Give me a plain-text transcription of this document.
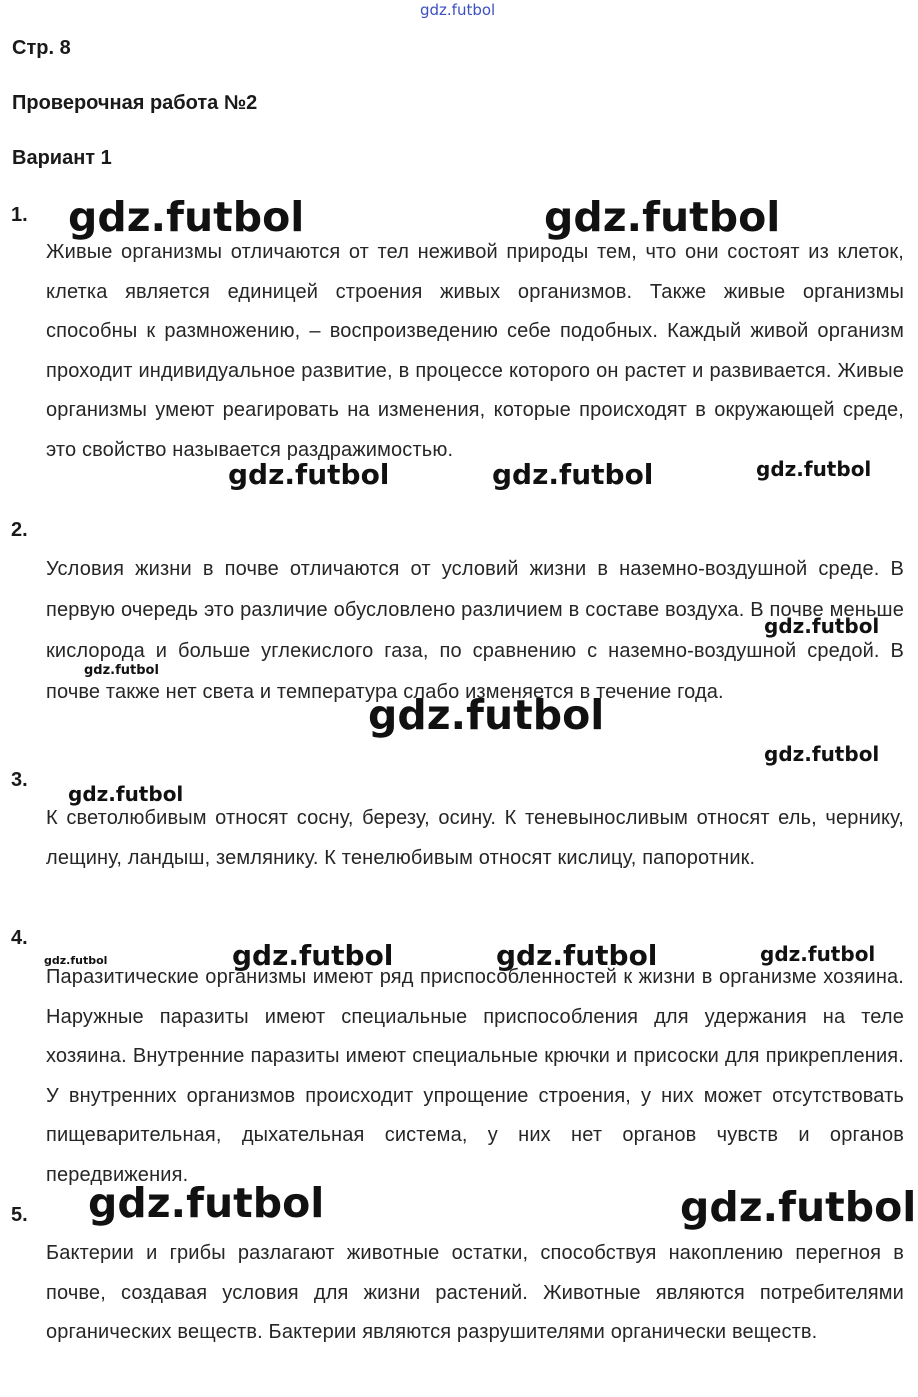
Стр. 8
Проверочная работа №2
Вариант 1
1.

Живые организмы отличаются от тел неживой природы тем, что они состоят из клеток, клетка является единицей строения живых организмов. Также живые организмы способны к размножению, – воспроизведению себе подобных. Каждый живой организм проходит индивидуальное развитие, в процессе которого он растет и развивается. Живые организмы умеют реагировать на изменения, которые происходят в окружающей среде, это свойство называется раздражимостью.

2.

Условия жизни в почве отличаются от условий жизни в наземно-воздушной среде. В первую очередь это различие обусловлено различием в составе воздуха. В почве меньше кислорода и больше углекислого газа, по сравнению с наземно-воздушной средой. В почве также нет света и температура слабо изменяется в течение года.

3.

К светолюбивым относят сосну, березу, осину. К теневыносливым относят ель, чернику, лещину, ландыш, землянику. К тенелюбивым относят кислицу, папоротник.

4.

Паразитические организмы имеют ряд приспособленностей к жизни в организме хозяина. Наружные паразиты имеют специальные приспособления для удержания на теле хозяина. Внутренние паразиты имеют специальные крючки и присоски для прикрепления. У внутренних организмов происходит упрощение строения, у них может отсутствовать пищеварительная, дыхательная система, у них нет органов чувств и органов передвижения.

5.

Бактерии и грибы разлагают животные остатки, способствуя накоплению перегноя в почве, создавая условия для жизни растений. Животные являются потребителями органических веществ. Бактерии являются разрушителями органически веществ.

gdz.futbol
gdz.futbol	gdz.futbol
gdz.futbol	gdz.futbol	gdz.futbol
gdz.futbol
gdz.futbol
gdz.futbol
gdz.futbol
gdz.futbol
gdz.futbol	gdz.futbol	gdz.futbol
gdz.futbol
gdz.futbol	gdz.futbol
